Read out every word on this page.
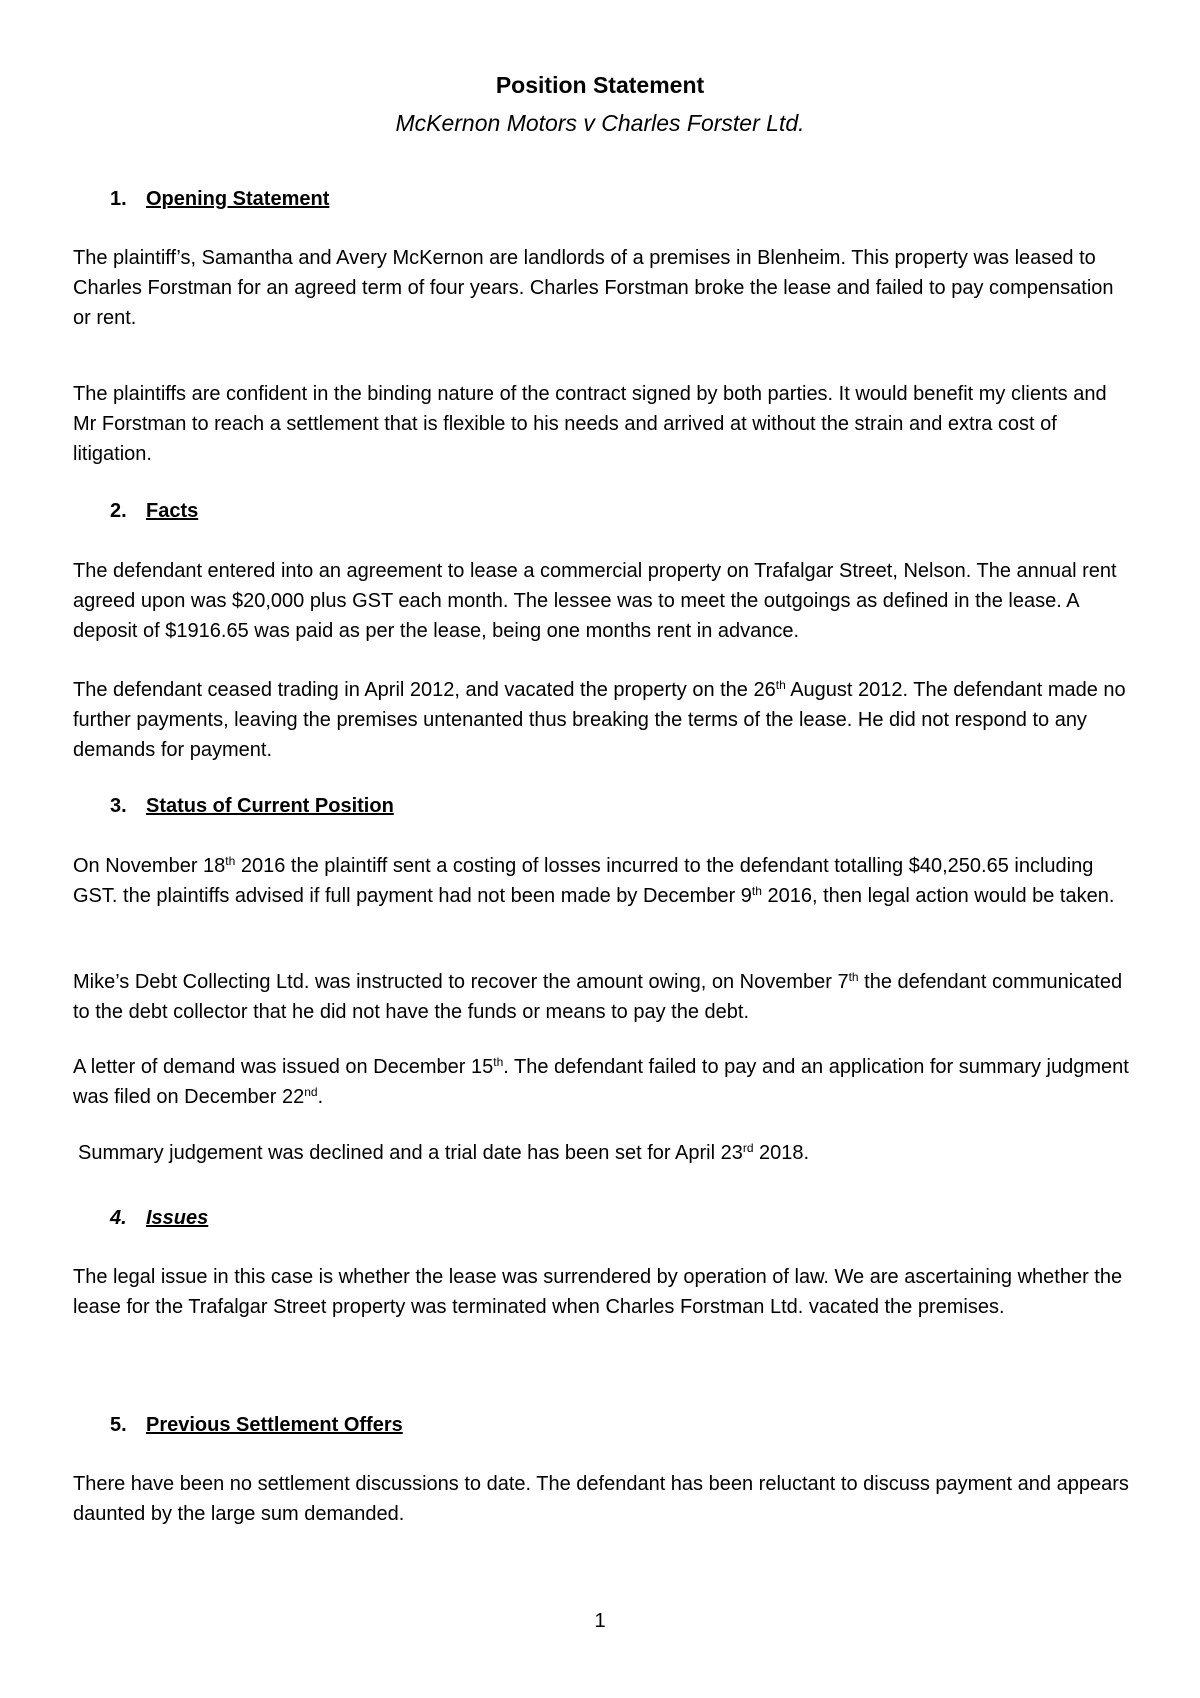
Position Statement
McKernon Motors v Charles Forster Ltd.
1. Opening Statement
The plaintiff’s, Samantha and Avery McKernon are landlords of a premises in Blenheim. This property was leased to Charles Forstman for an agreed term of four years. Charles Forstman broke the lease and failed to pay compensation or rent.
The plaintiffs are confident in the binding nature of the contract signed by both parties. It would benefit my clients and Mr Forstman to reach a settlement that is flexible to his needs and arrived at without the strain and extra cost of litigation.
2. Facts
The defendant entered into an agreement to lease a commercial property on Trafalgar Street, Nelson. The annual rent agreed upon was $20,000 plus GST each month. The lessee was to meet the outgoings as defined in the lease. A deposit of $1916.65 was paid as per the lease, being one months rent in advance.
The defendant ceased trading in April 2012, and vacated the property on the 26th August 2012. The defendant made no further payments, leaving the premises untenanted thus breaking the terms of the lease. He did not respond to any demands for payment.
3. Status of Current Position
On November 18th 2016 the plaintiff sent a costing of losses incurred to the defendant totalling $40,250.65 including GST. the plaintiffs advised if full payment had not been made by December 9th 2016, then legal action would be taken.
Mike’s Debt Collecting Ltd. was instructed to recover the amount owing, on November 7th the defendant communicated to the debt collector that he did not have the funds or means to pay the debt.
A letter of demand was issued on December 15th. The defendant failed to pay and an application for summary judgment was filed on December 22nd.
Summary judgement was declined and a trial date has been set for April 23rd 2018.
4. Issues
The legal issue in this case is whether the lease was surrendered by operation of law. We are ascertaining whether the lease for the Trafalgar Street property was terminated when Charles Forstman Ltd. vacated the premises.
5. Previous Settlement Offers
There have been no settlement discussions to date. The defendant has been reluctant to discuss payment and appears daunted by the large sum demanded.
1
